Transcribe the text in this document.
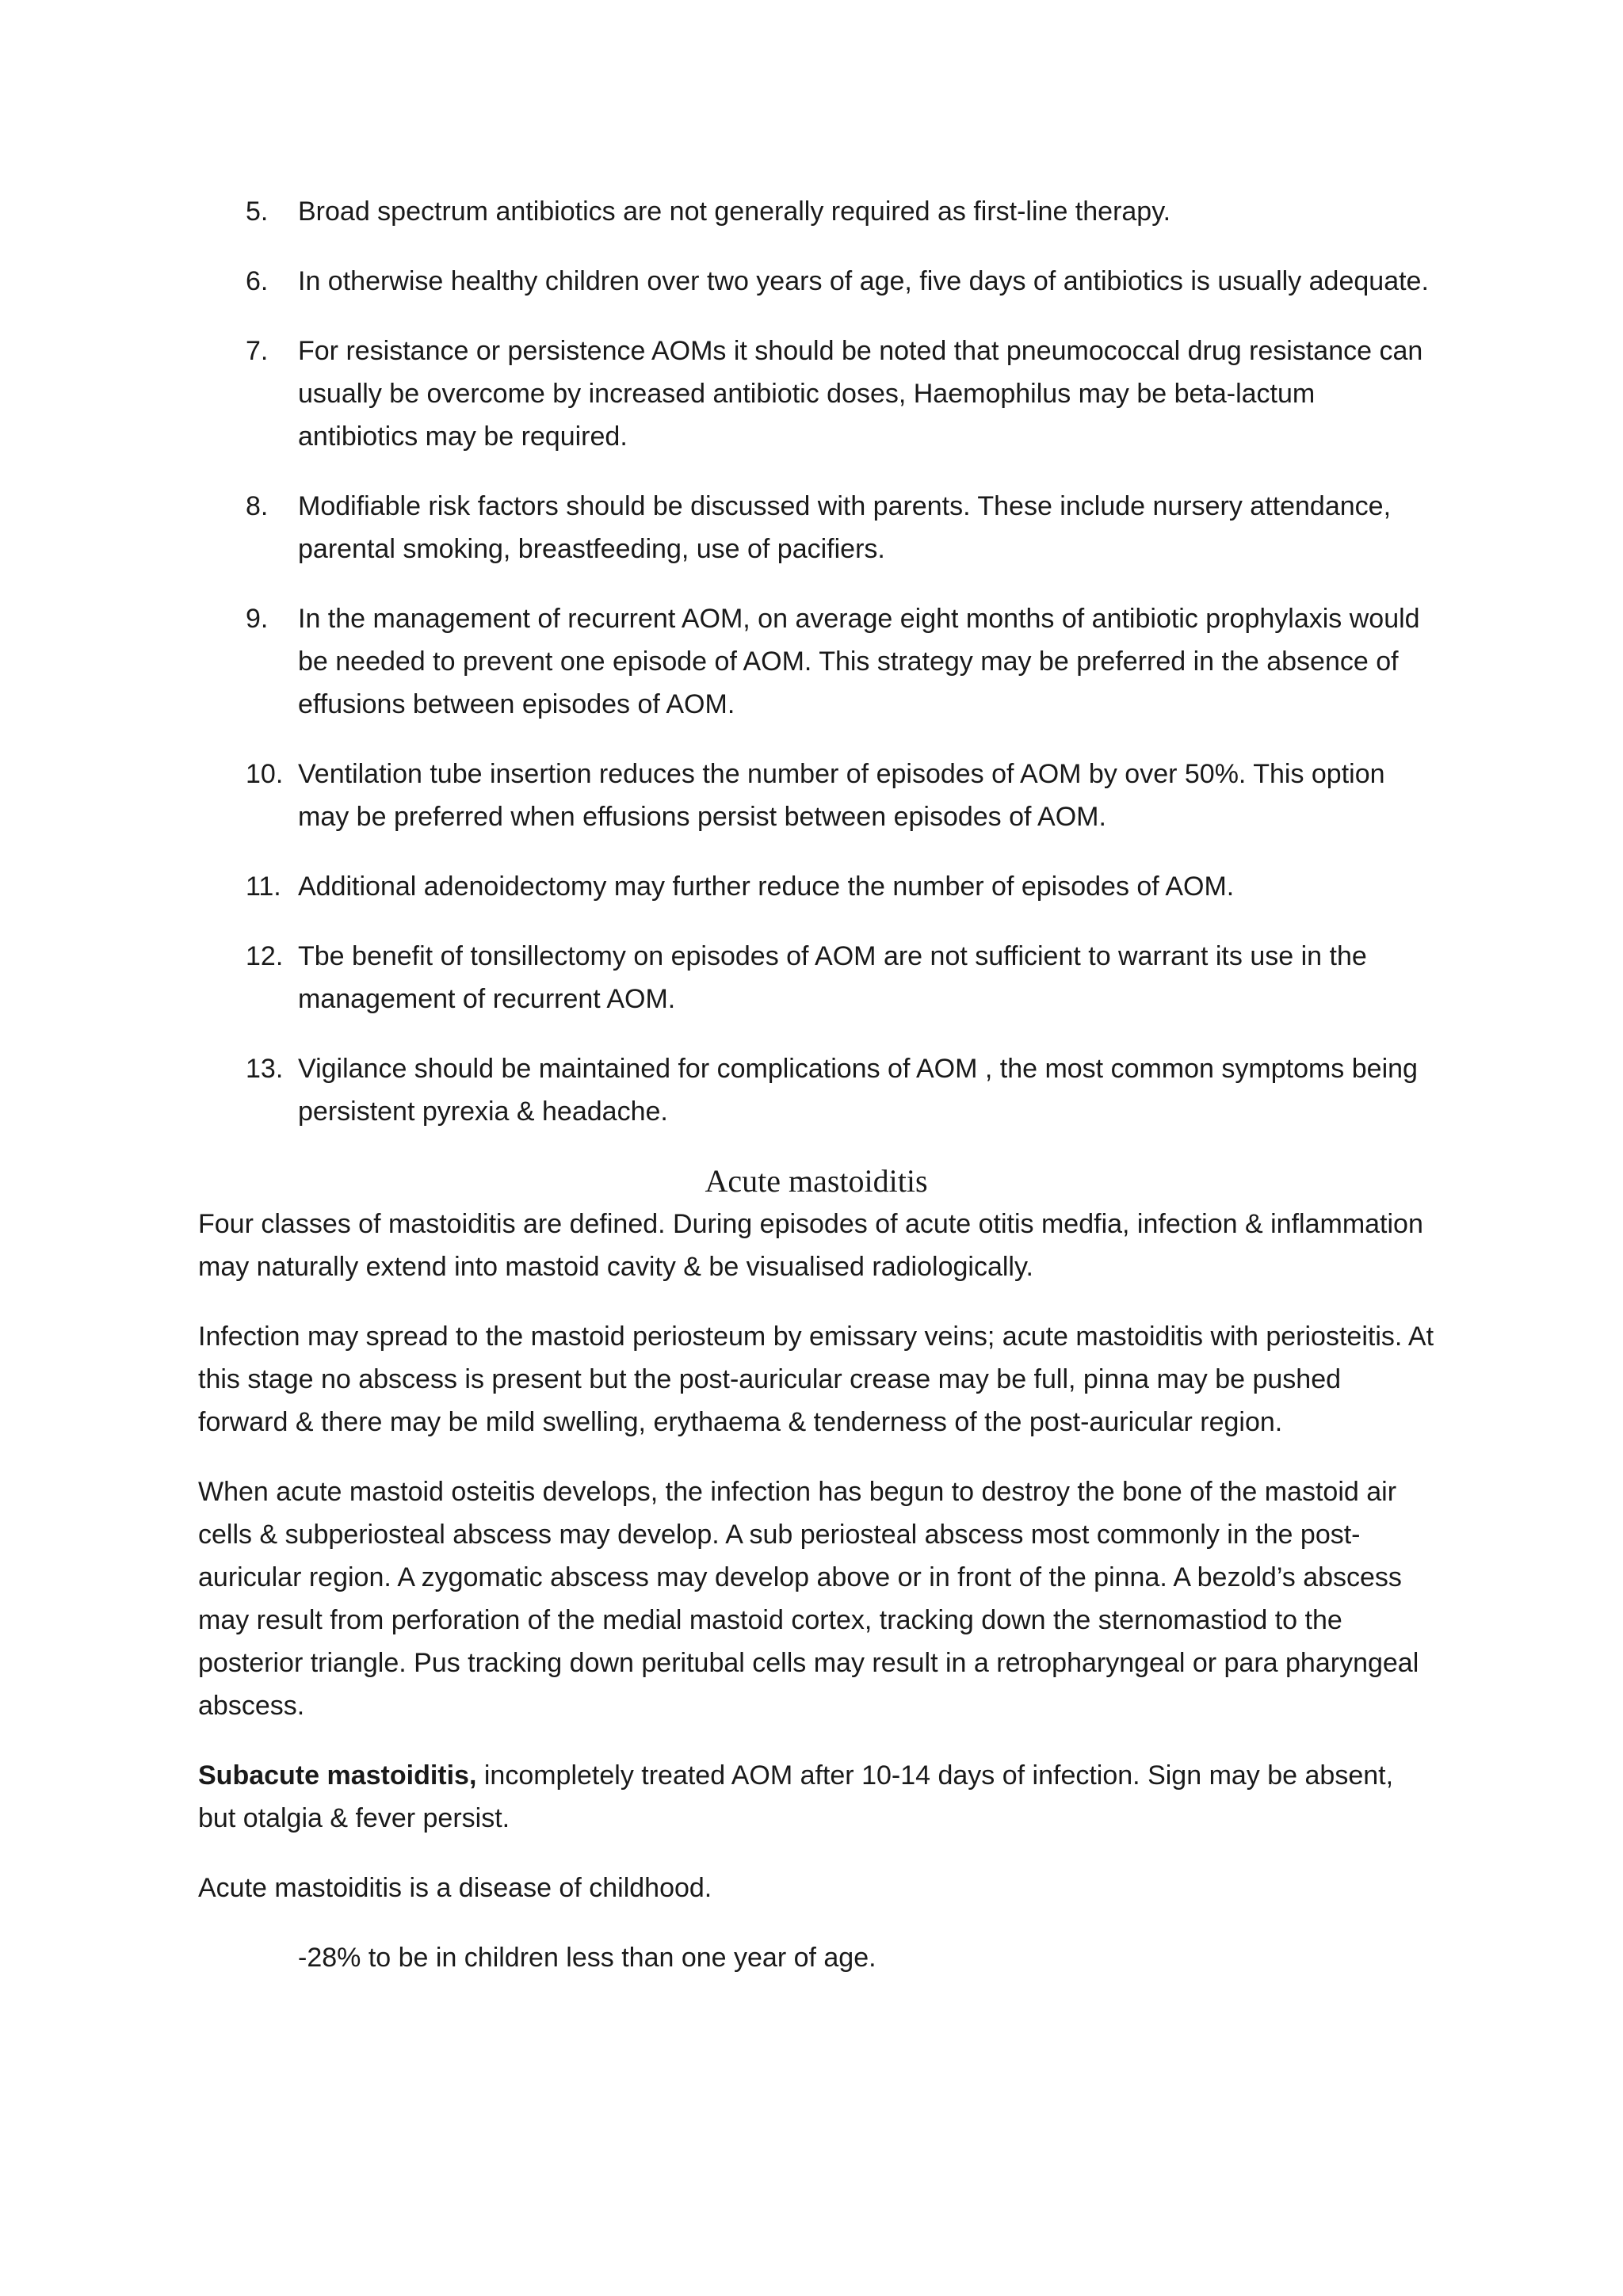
5. Broad spectrum antibiotics are not generally required as first-line therapy.
6. In otherwise healthy children over two years of age, five days of antibiotics is usually adequate.
7. For resistance or persistence AOMs it should be noted that pneumococcal drug resistance can usually be overcome by increased antibiotic doses, Haemophilus may be beta-lactum antibiotics may be required.
8. Modifiable risk factors should be discussed with parents. These include nursery attendance, parental smoking, breastfeeding, use of pacifiers.
9. In the management of recurrent AOM, on average eight months of antibiotic prophylaxis would be needed to prevent one episode of AOM. This strategy may be preferred in the absence of effusions between episodes of AOM.
10. Ventilation tube insertion reduces the number of episodes of AOM by over 50%. This option may be preferred when effusions persist between episodes of AOM.
11. Additional adenoidectomy may further reduce the number of episodes of AOM.
12. Tbe benefit of tonsillectomy on episodes of AOM are not sufficient to warrant its use in the management of recurrent AOM.
13. Vigilance should be maintained for complications of AOM , the most common symptoms being persistent pyrexia & headache.
Acute mastoiditis

Four classes of mastoiditis are defined. During episodes of acute otitis medfia, infection & inflammation may naturally extend into mastoid cavity & be visualised radiologically.

Infection may spread to the mastoid periosteum by emissary veins; acute mastoiditis with periosteitis. At this stage no abscess is present but the post-auricular crease may be full, pinna may be pushed forward & there may be mild swelling, erythaema & tenderness of the post-auricular region.

When acute mastoid osteitis develops, the infection has begun to destroy the bone of the mastoid air cells & subperiosteal abscess may develop. A sub periosteal abscess most commonly in the post-auricular region. A zygomatic abscess may develop above or in front of the pinna. A bezold’s abscess may result from perforation of the medial mastoid cortex, tracking down the sternomastiod to the posterior triangle. Pus tracking down peritubal cells may result in a retropharyngeal or para pharyngeal abscess.

Subacute mastoiditis, incompletely treated AOM after 10-14 days of infection. Sign may be absent, but otalgia & fever persist.

Acute mastoiditis is a disease of childhood.

-28% to be in children less than one year of age.
